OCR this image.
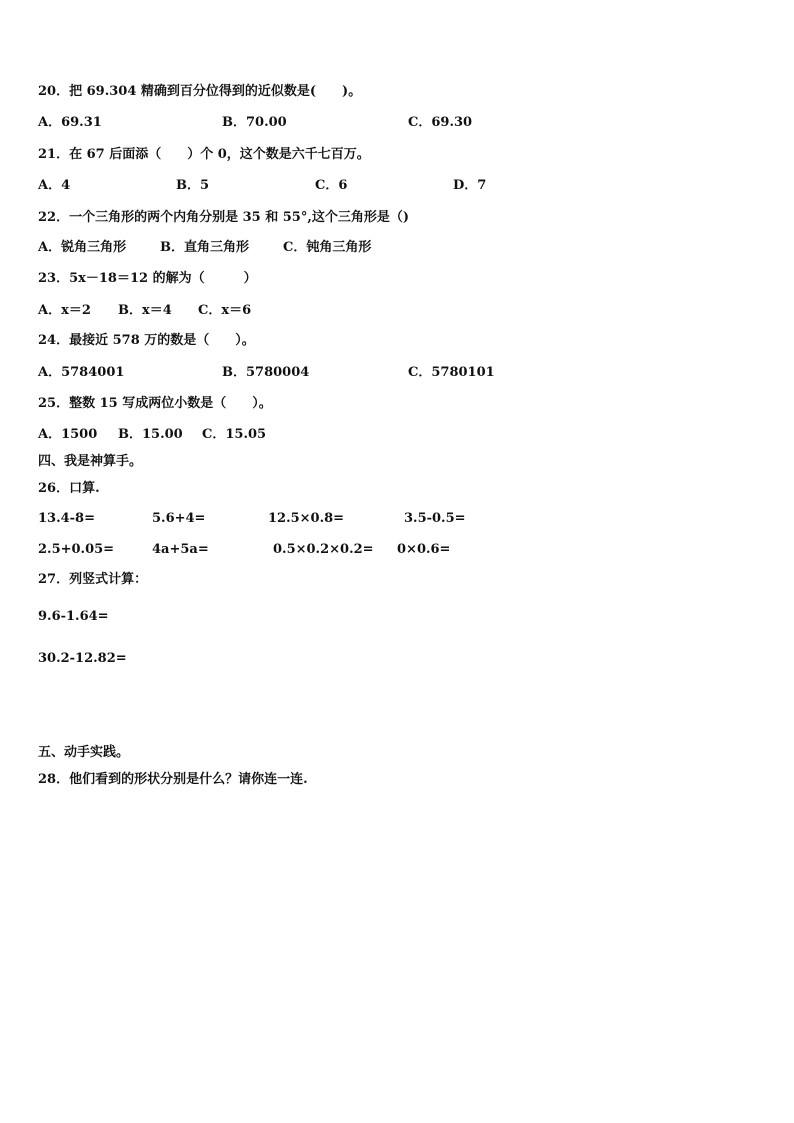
20．把 69.304 精确到百分位得到的近似数是(　　)。
A．69.31	B．70.00	C．69.30
21．在 67 后面添（　　）个 0，这个数是六千七百万。
A．4	B．5	C．6	D．7
22．一个三角形的两个内角分别是 35 和 55°,这个三角形是（)
A．锐角三角形	B．直角三角形	C．钝角三角形
23．5x－18＝12 的解为（　　　）
A．x＝2 B．x＝4 C．x＝6
24．最接近 578 万的数是（　　）。
A．5784001	B．5780004	C．5780101
25．整数 15 写成两位小数是（　　）。
A．1500 B．15.00 C．15.05
四、我是神算手。
26．口算.
13.4-8=	5.6+4=	12.5×0.8=	3.5-0.5=
2.5+0.05=	4a+5a=	0.5×0.2×0.2= 0×0.6=
27．列竖式计算：
9.6-1.64=
30.2-12.82=
五、动手实践。
28．他们看到的形状分别是什么？请你连一连.
